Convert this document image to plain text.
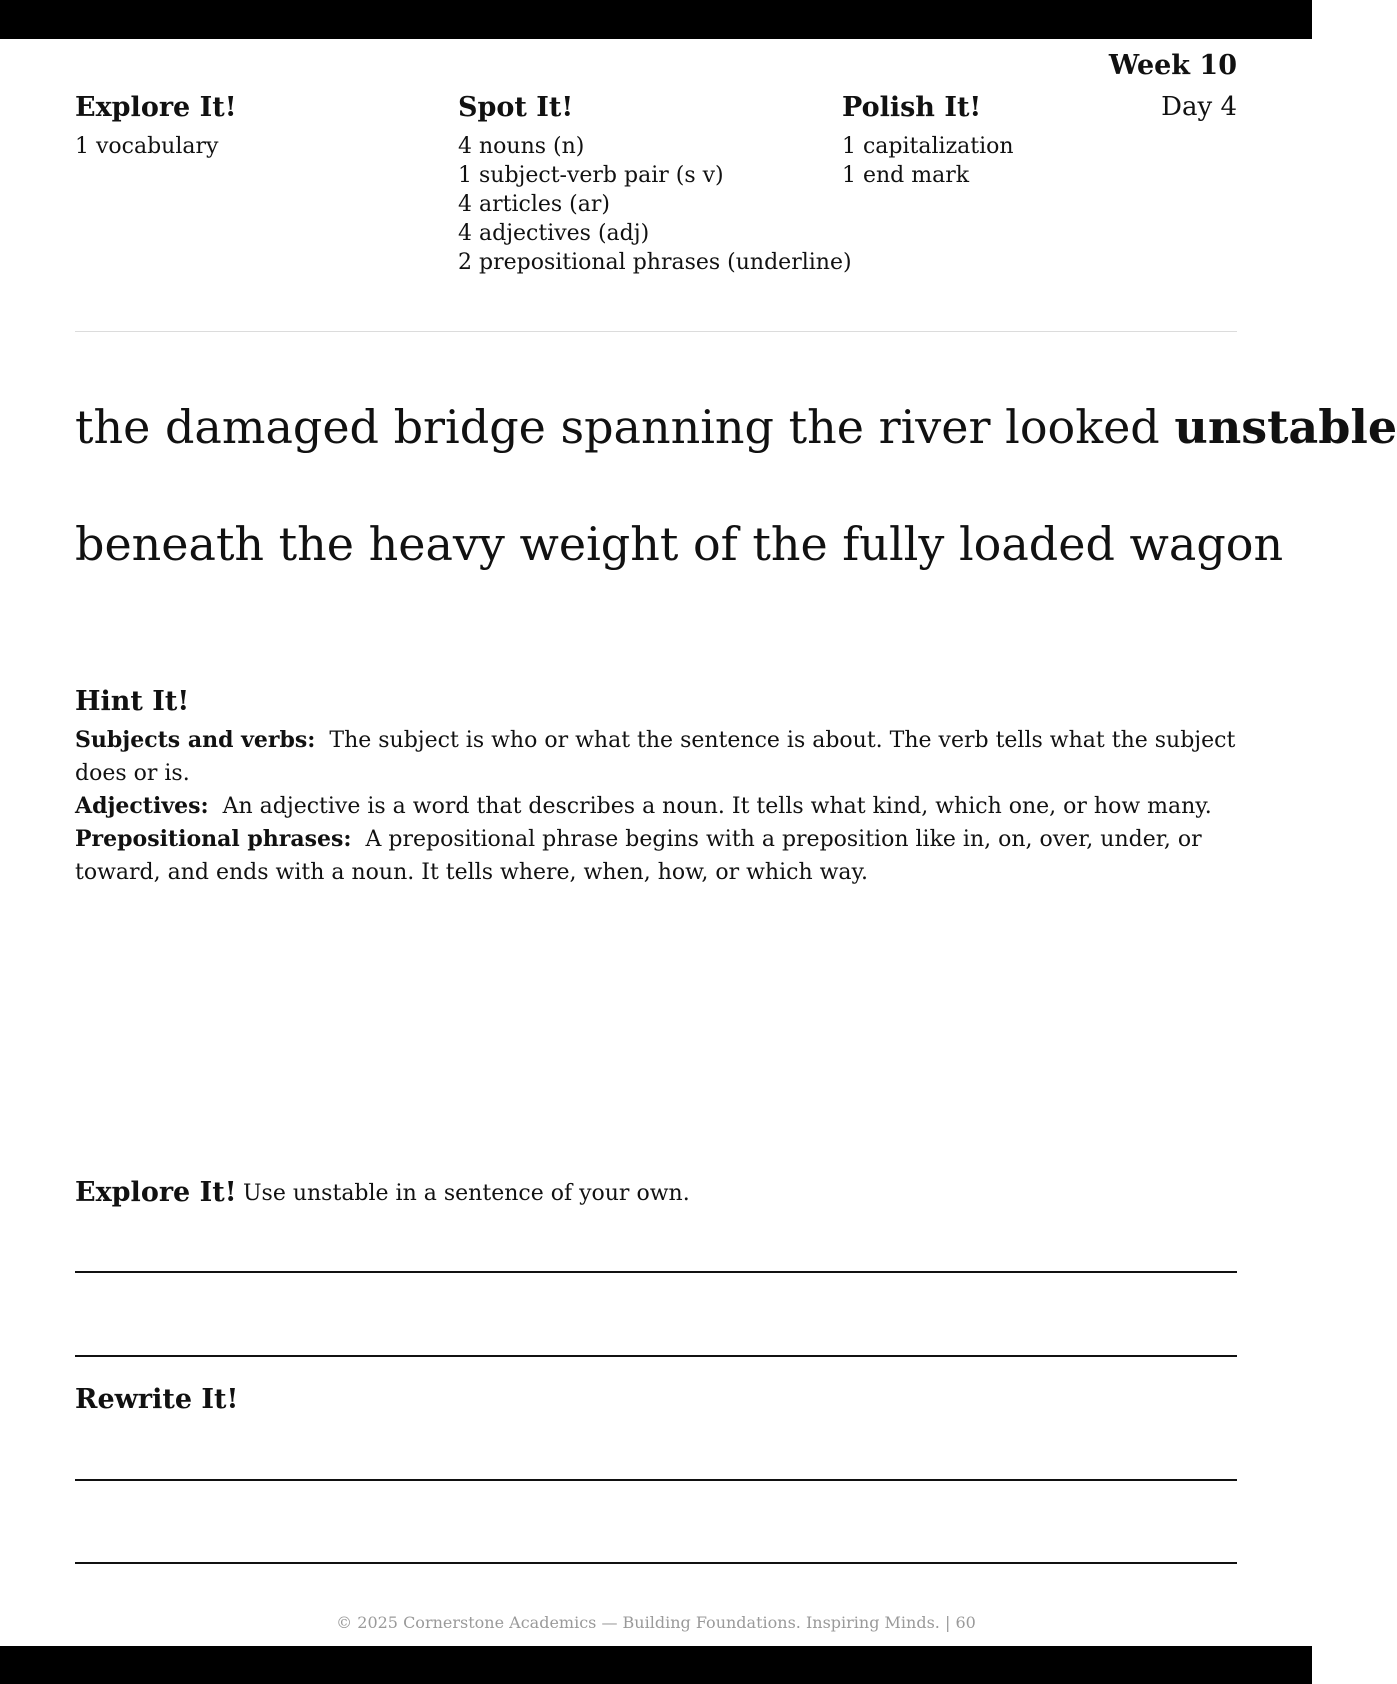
Week 10
Day 4
Explore It!
1 vocabulary
Spot It!
4 nouns (n)
1 subject-verb pair (s v)
4 articles (ar)
4 adjectives (adj)
2 prepositional phrases (underline)
Polish It!
1 capitalization
1 end mark
the damaged bridge spanning the river looked unstable
beneath the heavy weight of the fully loaded wagon
Hint It!
Subjects and verbs: The subject is who or what the sentence is about. The verb tells what the subject does or is.
Adjectives: An adjective is a word that describes a noun. It tells what kind, which one, or how many.
Prepositional phrases: A prepositional phrase begins with a preposition like in, on, over, under, or toward, and ends with a noun. It tells where, when, how, or which way.
Explore It! Use unstable in a sentence of your own.
Rewrite It!
© 2025 Cornerstone Academics — Building Foundations. Inspiring Minds. | 60
